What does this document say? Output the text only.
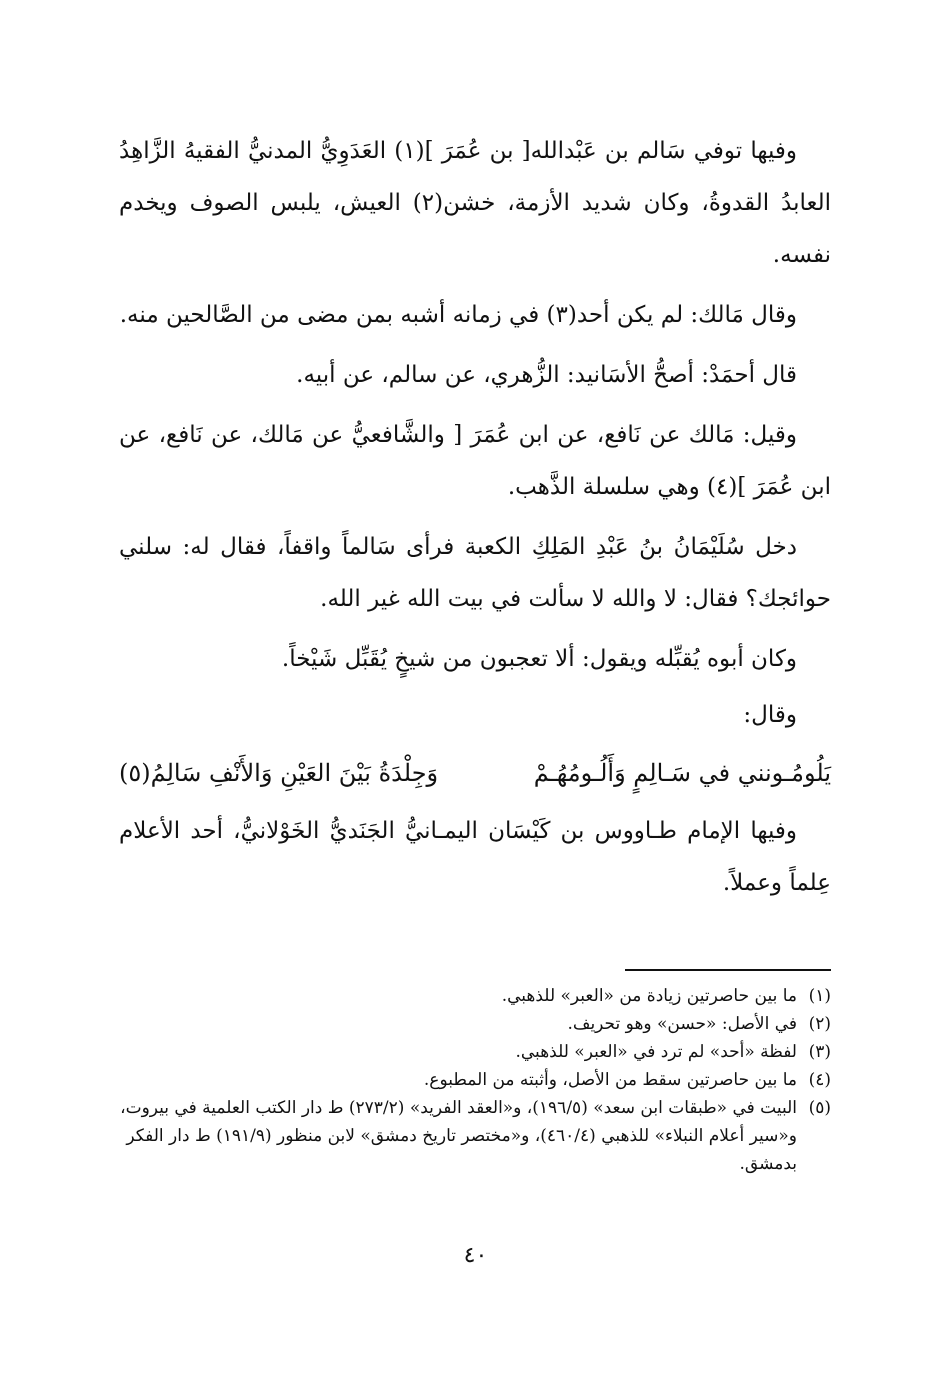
وفيها توفي سَالم بن عَبْدالله[ بن عُمَرَ ](١) العَدَوِيُّ المدنيُّ الفقيهُ الزَّاهِدُ العابدُ القدوةُ، وكان شديد الأزمة، خشن(٢) العيش، يلبس الصوف ويخدم نفسه.

وقال مَالك: لم يكن أحد(٣) في زمانه أشبه بمن مضى من الصَّالحين منه.

قال أحمَدْ: أصحُّ الأسَانيد: الزُّهري، عن سالم، عن أبيه.

وقيل: مَالك عن نَافع، عن ابن عُمَرَ [ والشَّافعيُّ عن مَالك، عن نَافع، عن ابن عُمَرَ ](٤) وهي سلسلة الذَّهب.

دخل سُلَيْمَانُ بنُ عَبْدِ المَلِكِ الكعبة فرأى سَالماً واقفاً، فقال له: سلني حوائجك؟ فقال: لا والله لا سألت في بيت الله غير الله.

وكان أبوه يُقبِّله ويقول: ألا تعجبون من شيخٍ يُقَبِّل شَيْخاً.

وقال:

يَلُومُـونني في سَـالِمٍ وَأَلُـومُهُـمْ
وَجِلْدَةُ بَيْنَ العَيْنِ وَالأَنْفِ سَالِمُ(٥)

وفيها الإمام طـاووس بن كَيْسَان اليمـانيُّ الجَنَديُّ الخَوْلانيُّ، أحد الأعلام عِلماً وعملاً.

(١)ما بين حاصرتين زيادة من «العبر» للذهبي.

(٢)في الأصل: «حسن» وهو تحريف.

(٣)لفظة «أحد» لم ترد في «العبر» للذهبي.

(٤)ما بين حاصرتين سقط من الأصل، وأثبته من المطبوع.

(٥)البيت في «طبقات ابن سعد» (١٩٦/٥)، و«العقد الفريد» (٢٧٣/٢) ط دار الكتب العلمية في بيروت، و«سير أعلام النبلاء» للذهبي (٤٦٠/٤)، و«مختصر تاريخ دمشق» لابن منظور (١٩١/٩) ط دار الفكر بدمشق.

٤٠
